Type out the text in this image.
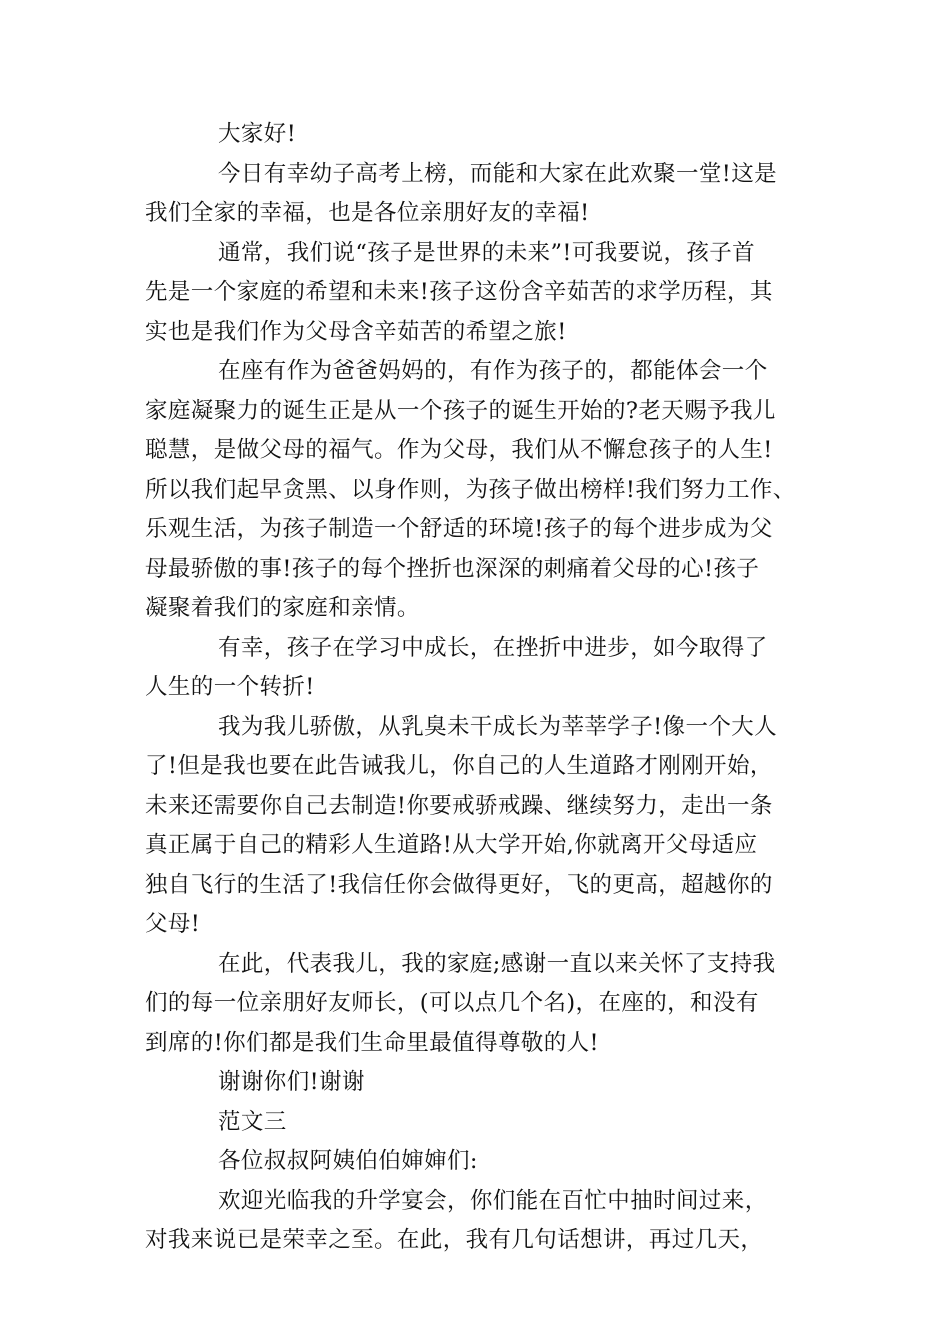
大家好!

今日有幸幼子高考上榜，而能和大家在此欢聚一堂!这是
我们全家的幸福，也是各位亲朋好友的幸福!

通常，我们说“孩子是世界的未来”!可我要说，孩子首
先是一个家庭的希望和未来!孩子这份含辛茹苦的求学历程，其
实也是我们作为父母含辛茹苦的希望之旅!

在座有作为爸爸妈妈的，有作为孩子的，都能体会一个
家庭凝聚力的诞生正是从一个孩子的诞生开始的?老天赐予我儿
聪慧，是做父母的福气。作为父母，我们从不懈怠孩子的人生!
所以我们起早贪黑、以身作则，为孩子做出榜样!我们努力工作、
乐观生活，为孩子制造一个舒适的环境!孩子的每个进步成为父
母最骄傲的事!孩子的每个挫折也深深的刺痛着父母的心!孩子
凝聚着我们的家庭和亲情。

有幸，孩子在学习中成长，在挫折中进步，如今取得了
人生的一个转折!

我为我儿骄傲，从乳臭未干成长为莘莘学子!像一个大人
了!但是我也要在此告诫我儿，你自己的人生道路才刚刚开始，
未来还需要你自己去制造!你要戒骄戒躁、继续努力，走出一条
真正属于自己的精彩人生道路!从大学开始,你就离开父母适应
独自飞行的生活了!我信任你会做得更好，飞的更高，超越你的
父母!

在此，代表我儿，我的家庭;感谢一直以来关怀了支持我
们的每一位亲朋好友师长，(可以点几个名)，在座的，和没有
到席的!你们都是我们生命里最值得尊敬的人!

谢谢你们!谢谢

范文三

各位叔叔阿姨伯伯婶婶们:

欢迎光临我的升学宴会，你们能在百忙中抽时间过来，
对我来说已是荣幸之至。在此，我有几句话想讲，再过几天，
